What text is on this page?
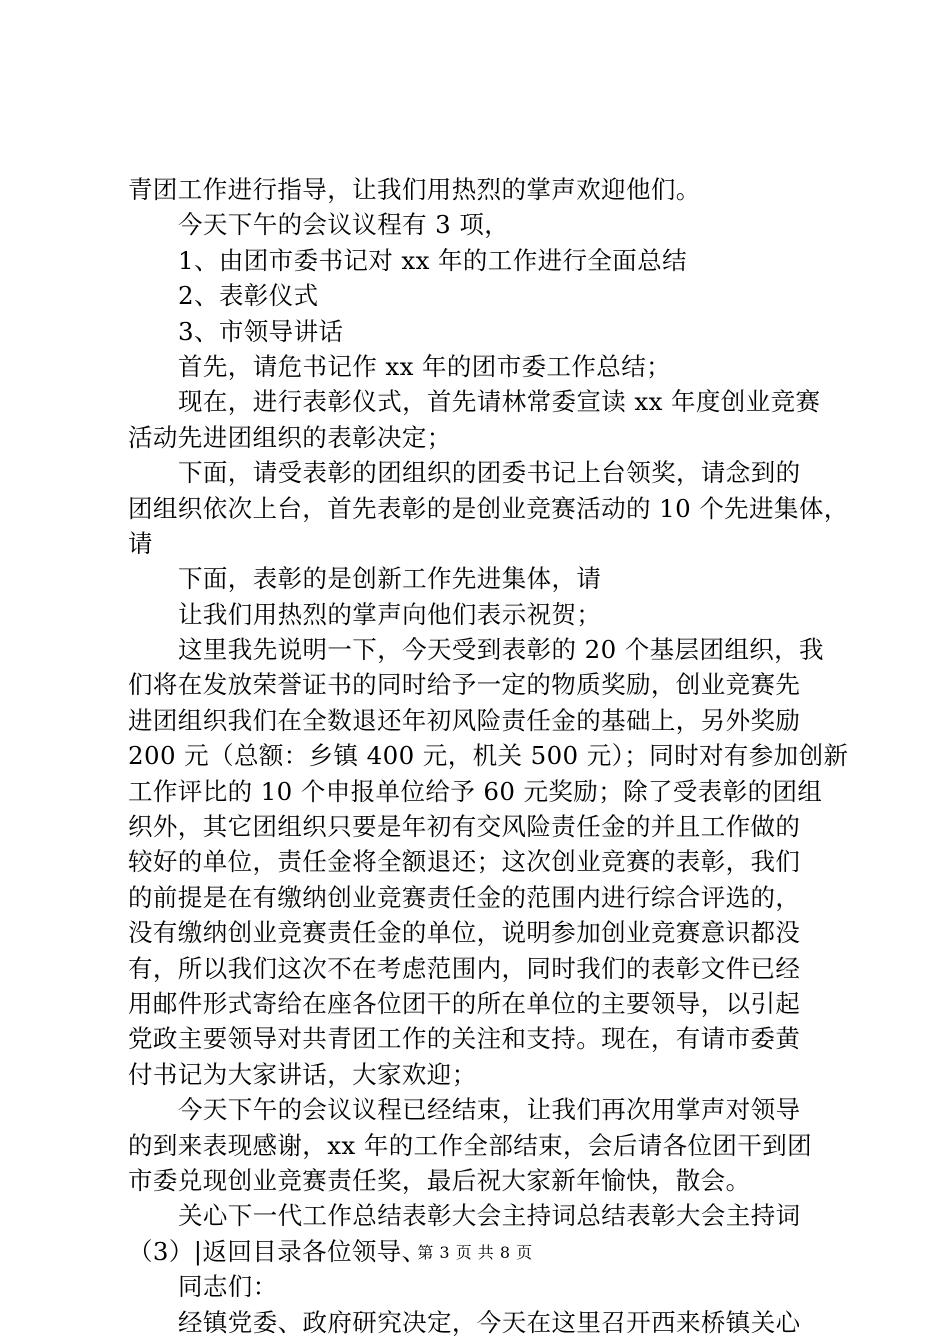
青团工作进行指导，让我们用热烈的掌声欢迎他们。
今天下午的会议议程有 3 项，
1、由团市委书记对 xx 年的工作进行全面总结
2、表彰仪式
3、市领导讲话
首先，请危书记作 xx 年的团市委工作总结；
现在，进行表彰仪式，首先请林常委宣读 xx 年度创业竞赛
活动先进团组织的表彰决定；
下面，请受表彰的团组织的团委书记上台领奖，请念到的
团组织依次上台，首先表彰的是创业竞赛活动的 10 个先进集体，
请
下面，表彰的是创新工作先进集体，请
让我们用热烈的掌声向他们表示祝贺；
这里我先说明一下，今天受到表彰的 20 个基层团组织，我
们将在发放荣誉证书的同时给予一定的物质奖励，创业竞赛先
进团组织我们在全数退还年初风险责任金的基础上，另外奖励
200 元（总额：乡镇 400 元，机关 500 元）；同时对有参加创新
工作评比的 10 个申报单位给予 60 元奖励；除了受表彰的团组
织外，其它团组织只要是年初有交风险责任金的并且工作做的
较好的单位，责任金将全额退还；这次创业竞赛的表彰，我们
的前提是在有缴纳创业竞赛责任金的范围内进行综合评选的，
没有缴纳创业竞赛责任金的单位，说明参加创业竞赛意识都没
有，所以我们这次不在考虑范围内，同时我们的表彰文件已经
用邮件形式寄给在座各位团干的所在单位的主要领导，以引起
党政主要领导对共青团工作的关注和支持。现在，有请市委黄
付书记为大家讲话，大家欢迎；
今天下午的会议议程已经结束，让我们再次用掌声对领导
的到来表现感谢，xx 年的工作全部结束，会后请各位团干到团
市委兑现创业竞赛责任奖，最后祝大家新年愉快，散会。
关心下一代工作总结表彰大会主持词总结表彰大会主持词
（3）|返回目录各位领导、
同志们：
经镇党委、政府研究决定，今天在这里召开西来桥镇关心
第 3 页 共 8 页
